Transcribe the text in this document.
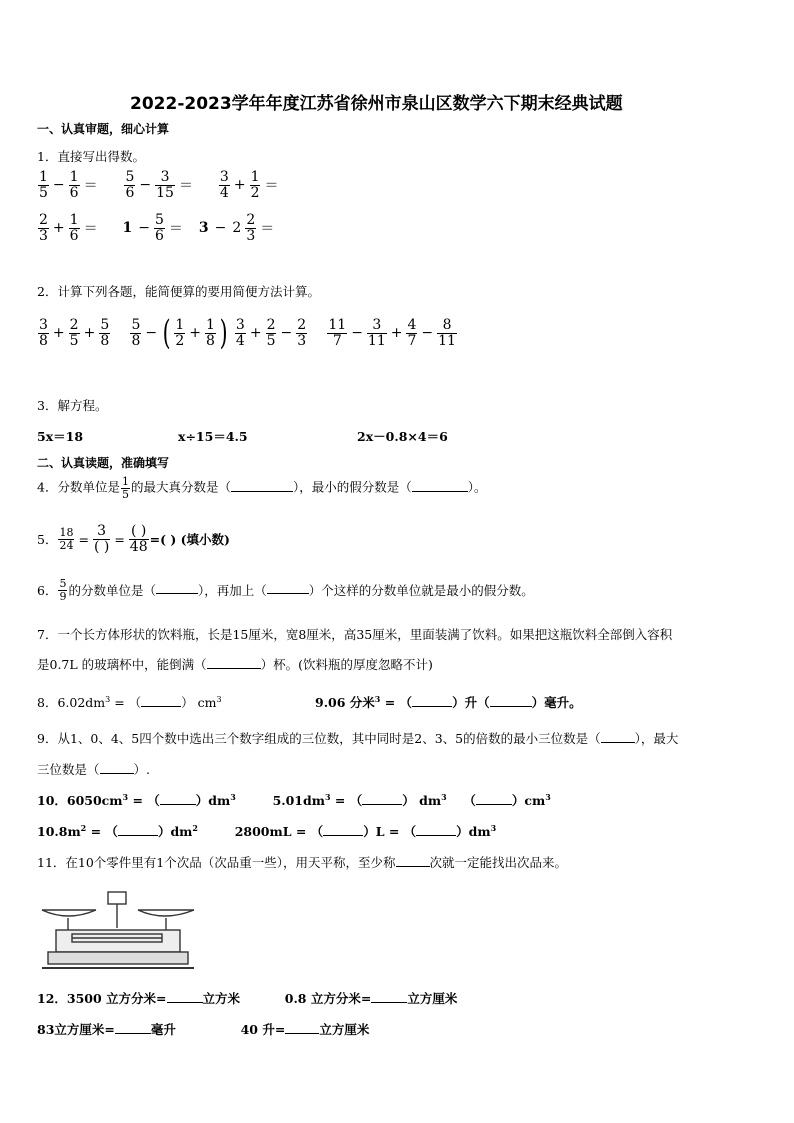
2022-2023学年年度江苏省徐州市泉山区数学六下期末经典试题
一、认真审题，细心计算
1．直接写出得数。
$\frac{1}{5} - \frac{1}{6} = \frac{5}{6} - \frac{3}{15} = \frac{3}{4} + \frac{1}{2}$ ＝
$\frac{2}{3} + \frac{1}{6} = 1 - \frac{5}{6} = 3 - 2 \frac{2}{3}$ ＝
2．计算下列各题，能简便算的要用简便方法计算。
$\frac{3}{8} + \frac{2}{5} + \frac{5}{8}$
$\frac{5}{8}$ − ( $\frac{1}{2} + \frac{1}{8}$ ) $\frac{3}{4} + \frac{2}{5} - \frac{2}{3}$
$\frac{11}{7} - \frac{3}{11} + \frac{4}{7} - \frac{8}{11}$
3．解方程。
5x＝18	x÷15＝4.5	2x－0.8×4＝6
二、认真读题，准确填写
4．分数单位是 $\frac{1}{5}$ 的最大真分数是（	），最小的假分数是（	）。
5． $\frac{18}{24} = \frac{3}{( )} = \frac{( )}{48}$ =( ) (填小数)
6． $\frac{5}{9}$ 的分数单位是（	），再加上（	）个这样的分数单位就是最小的假分数。
7．一个长方体形状的饮料瓶，长是15厘米，宽8厘米，高35厘米，里面装满了饮料。如果把这瓶饮料全部倒入容积
是0.7L 的玻璃杯中，能倒满（	）杯。(饮料瓶的厚度忽略不计)
8．$6.02dm^3$ = （	） $cm^3$	9.06 分米$^3$ = （	）升（	）毫升。
9．从1、0、4、5四个数中选出三个数字组成的三位数，其中同时是2、3、5的倍数的最小三位数是（	），最大
三位数是（	）.
10．$6050cm^3$ = （	）$dm^3$	$5.01dm^3$ = （	） $dm^3$ （	）$cm^3$
$10.8m^2$ = （	）$dm^2$	2800mL = （	）L = （	）$dm^3$
11．在10个零件里有1个次品（次品重一些），用天平称，至少称	次就一定能找出次品来。
12．3500 立方分米=	立方米	0.8 立方分米=	立方厘米
83立方厘米=	毫升	40 升=	立方厘米
